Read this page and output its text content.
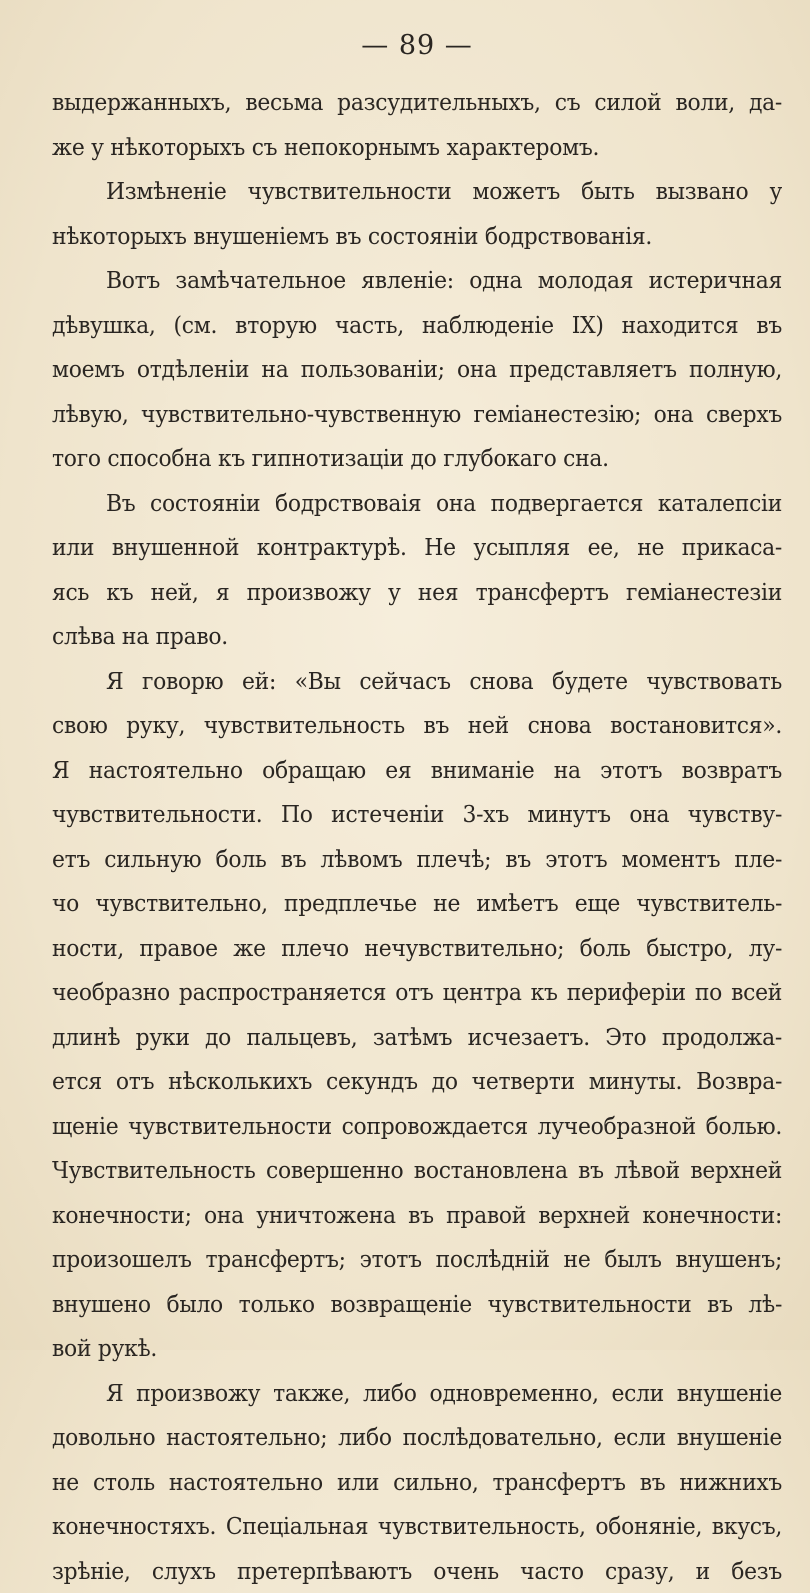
— 89 —
выдержанныхъ, весьма разсудительныхъ, съ силой воли, да-
же у нѣкоторыхъ съ непокорнымъ характеромъ.
Измѣненіе чувствительности можетъ быть вызвано у
нѣкоторыхъ внушеніемъ въ состояніи бодрствованія.
Вотъ замѣчательное явленіе: одна молодая истеричная
дѣвушка, (см. вторую часть, наблюденіе IX) находится въ
моемъ отдѣленіи на пользованіи; она представляетъ полную,
лѣвую, чувствительно-чувственную геміанестезію; она сверхъ
того способна къ гипнотизаціи до глубокаго сна.
Въ состояніи бодрствоваія она подвергается каталепсіи
или внушенной контрактурѣ. Не усыпляя ее, не прикаса-
ясь къ ней, я произвожу у нея трансфертъ геміанестезіи
слѣва на право.
Я говорю ей: «Вы сейчасъ снова будете чувствовать
свою руку, чувствительность въ ней снова востановится».
Я настоятельно обращаю ея вниманіе на этотъ возвратъ
чувствительности. По истеченіи 3-хъ минутъ она чувству-
етъ сильную боль въ лѣвомъ плечѣ; въ этотъ моментъ пле-
чо чувствительно, предплечье не имѣетъ еще чувствитель-
ности, правое же плечо нечувствительно; боль быстро, лу-
чеобразно распространяется отъ центра къ периферіи по всей
длинѣ руки до пальцевъ, затѣмъ исчезаетъ. Это продолжа-
ется отъ нѣсколькихъ секундъ до четверти минуты. Возвра-
щеніе чувствительности сопровождается лучеобразной болью.
Чувствительность совершенно востановлена въ лѣвой верхней
конечности; она уничтожена въ правой верхней конечности:
произошелъ трансфертъ; этотъ послѣдній не былъ внушенъ;
внушено было только возвращеніе чувствительности въ лѣ-
вой рукѣ.
Я произвожу также, либо одновременно, если внушеніе
довольно настоятельно; либо послѣдовательно, если внушеніе
не столь настоятельно или сильно, трансфертъ въ нижнихъ
конечностяхъ. Спеціальная чувствительность, обоняніе, вкусъ,
зрѣніе, слухъ претерпѣваютъ очень часто сразу, и безъ
